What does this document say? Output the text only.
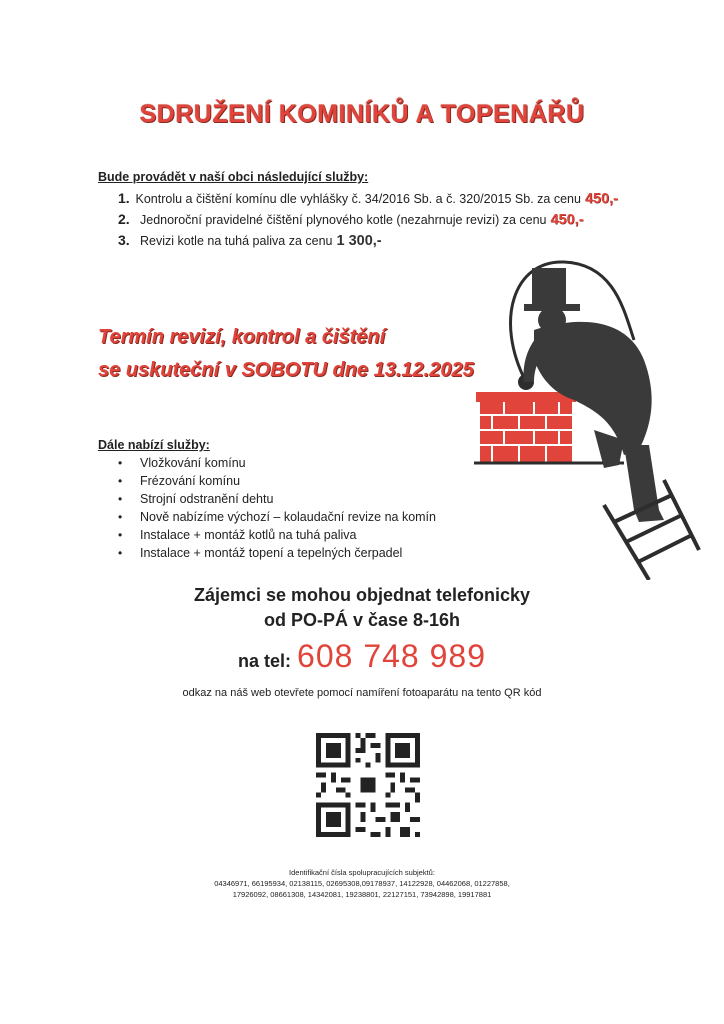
SDRUŽENÍ KOMINÍKŮ A TOPENÁŘŮ
Bude provádět v naší obci následující služby:
1. Kontrolu a čištění komínu dle vyhlášky č. 34/2016 Sb. a č. 320/2015 Sb. za cenu 450,-
2. Jednoroční pravidelné čištění plynového kotle (nezahrnuje revizi) za cenu 450,-
3. Revizi kotle na tuhá paliva za cenu 1 300,-
Termín revizí, kontrol a čištění
se uskuteční v SOBOTU dne 13.12.2025
Dále nabízí služby:
•	Vložkování komínu
•	Frézování komínu
•	Strojní odstranění dehtu
•	Nově nabízíme výchozí – kolaudační revize na komín
•	Instalace + montáž kotlů na tuhá paliva
•	Instalace + montáž topení a tepelných čerpadel
Zájemci se mohou objednat telefonicky
od PO-PÁ v čase 8-16h
na tel: 608 748 989
odkaz na náš web otevřete pomocí namíření fotoaparátu na tento QR kód
Identifikační čísla spolupracujících subjektů:
04346971, 66195934, 02138115, 02695308,09178937, 14122928, 04462068, 01227858,
17926092, 08661308, 14342081, 19238801, 22127151, 73942898, 19917881
